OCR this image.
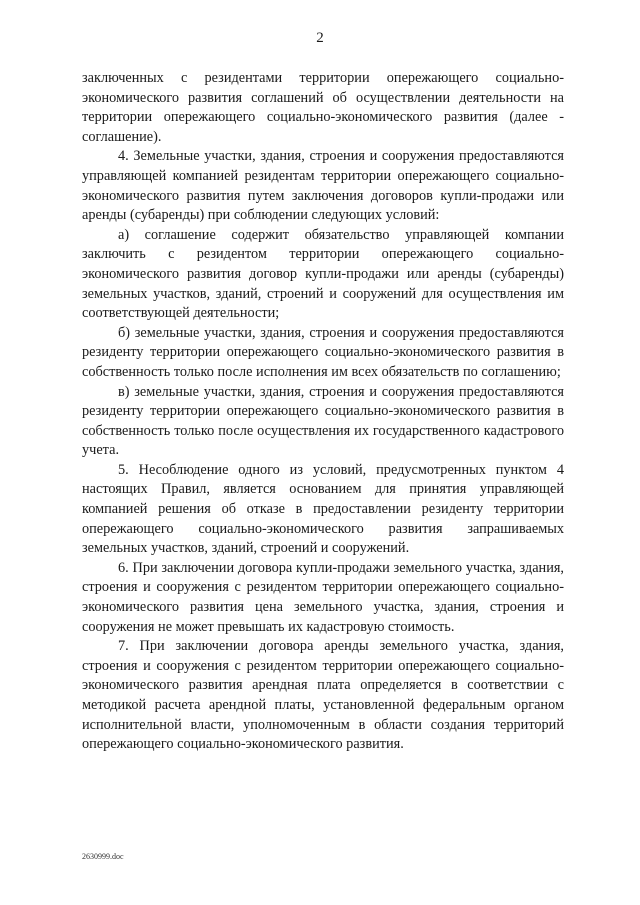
2

заключенных с резидентами территории опережающего социально-экономического развития соглашений об осуществлении деятельности на территории опережающего социально-экономического развития (далее - соглашение).

4. Земельные участки, здания, строения и сооружения предоставляются управляющей компанией резидентам территории опережающего социально-экономического развития путем заключения договоров купли-продажи или аренды (субаренды) при соблюдении следующих условий:

а) соглашение содержит обязательство управляющей компании заключить с резидентом территории опережающего социально-экономического развития договор купли-продажи или аренды (субаренды) земельных участков, зданий, строений и сооружений для осуществления им соответствующей деятельности;

б) земельные участки, здания, строения и сооружения предоставляются резиденту территории опережающего социально-экономического развития в собственность только после исполнения им всех обязательств по соглашению;

в) земельные участки, здания, строения и сооружения предоставляются резиденту территории опережающего социально-экономического развития в собственность только после осуществления их государственного кадастрового учета.

5. Несоблюдение одного из условий, предусмотренных пунктом 4 настоящих Правил, является основанием для принятия управляющей компанией решения об отказе в предоставлении резиденту территории опережающего социально-экономического развития запрашиваемых земельных участков, зданий, строений и сооружений.

6. При заключении договора купли-продажи земельного участка, здания, строения и сооружения с резидентом территории опережающего социально-экономического развития цена земельного участка, здания, строения и сооружения не может превышать их кадастровую стоимость.

7. При заключении договора аренды земельного участка, здания, строения и сооружения с резидентом территории опережающего социально-экономического развития арендная плата определяется в соответствии с методикой расчета арендной платы, установленной федеральным органом исполнительной власти, уполномоченным в области создания территорий опережающего социально-экономического развития.

2630999.doc
